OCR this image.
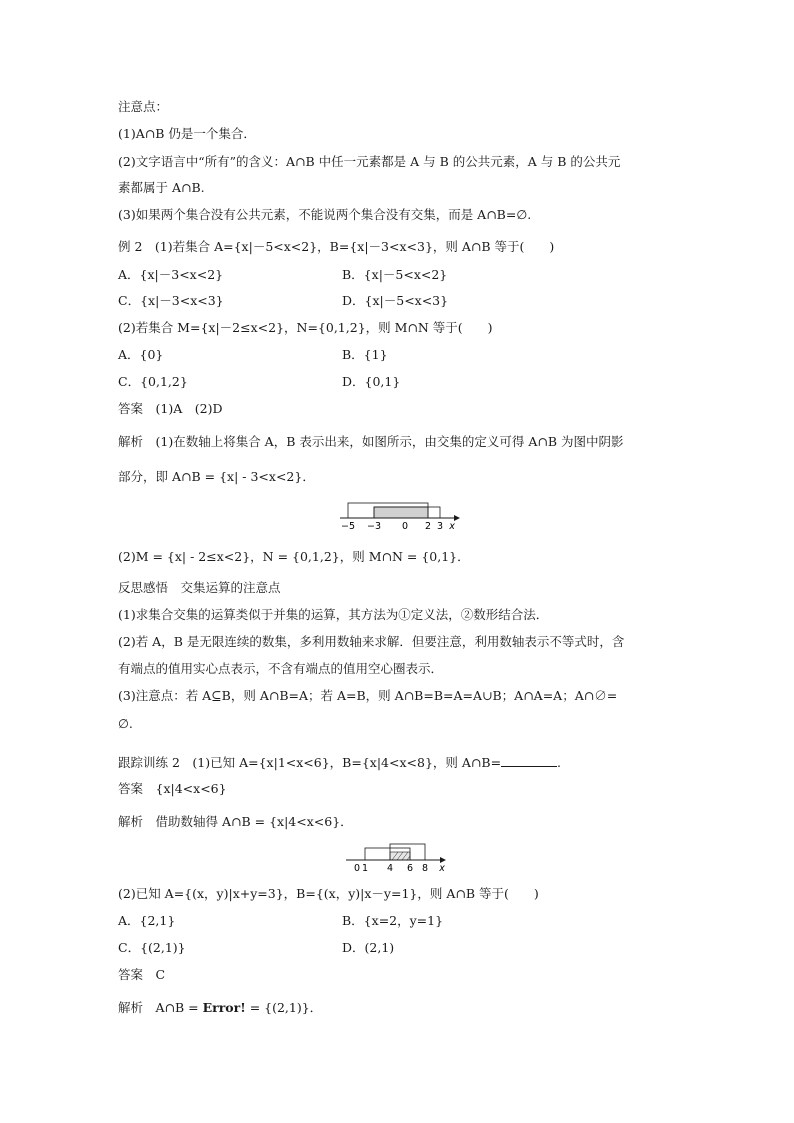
注意点：
(1)A∩B 仍是一个集合．
(2)文字语言中“所有”的含义：A∩B 中任一元素都是 A 与 B 的公共元素，A 与 B 的公共元
素都属于 A∩B.
(3)如果两个集合没有公共元素，不能说两个集合没有交集，而是 A∩B=∅.
例 2　(1)若集合 A={x|－5<x<2}，B={x|－3<x<3}，则 A∩B 等于(　　)
A．{x|－3<x<2}	B．{x|－5<x<2}
C．{x|－3<x<3}	D．{x|－5<x<3}
(2)若集合 M={x|－2≤x<2}，N={0,1,2}，则 M∩N 等于(　　)
A．{0}	B．{1}
C．{0,1,2}	D．{0,1}
答案　(1)A　(2)D
解析　(1)在数轴上将集合 A，B 表示出来，如图所示，由交集的定义可得 A∩B 为图中阴影
部分，即 A∩B = {x| - 3<x<2}．
−5 −3 0 2 3 x
(2)M = {x| - 2≤x<2}，N = {0,1,2}，则 M∩N = {0,1}．
反思感悟　交集运算的注意点
(1)求集合交集的运算类似于并集的运算，其方法为①定义法，②数形结合法．
(2)若 A，B 是无限连续的数集，多利用数轴来求解．但要注意，利用数轴表示不等式时，含
有端点的值用实心点表示，不含有端点的值用空心圈表示．
(3)注意点：若 A⊆B，则 A∩B=A；若 A=B，则 A∩B=B=A=A∪B；A∩A=A；A∩∅=
∅.
跟踪训练 2　(1)已知 A={x|1<x<6}，B={x|4<x<8}，则 A∩B=	.
答案　{x|4<x<6}
解析　借助数轴得 A∩B = {x|4<x<6}．
0 1 4 6 8 x
(2)已知 A={(x，y)|x+y=3}，B={(x，y)|x－y=1}，则 A∩B 等于(　　)
A．{2,1}	B．{x=2，y=1}
C．{(2,1)}	D．(2,1)
答案　C
解析　A∩B = Error! = {(2,1)}．
